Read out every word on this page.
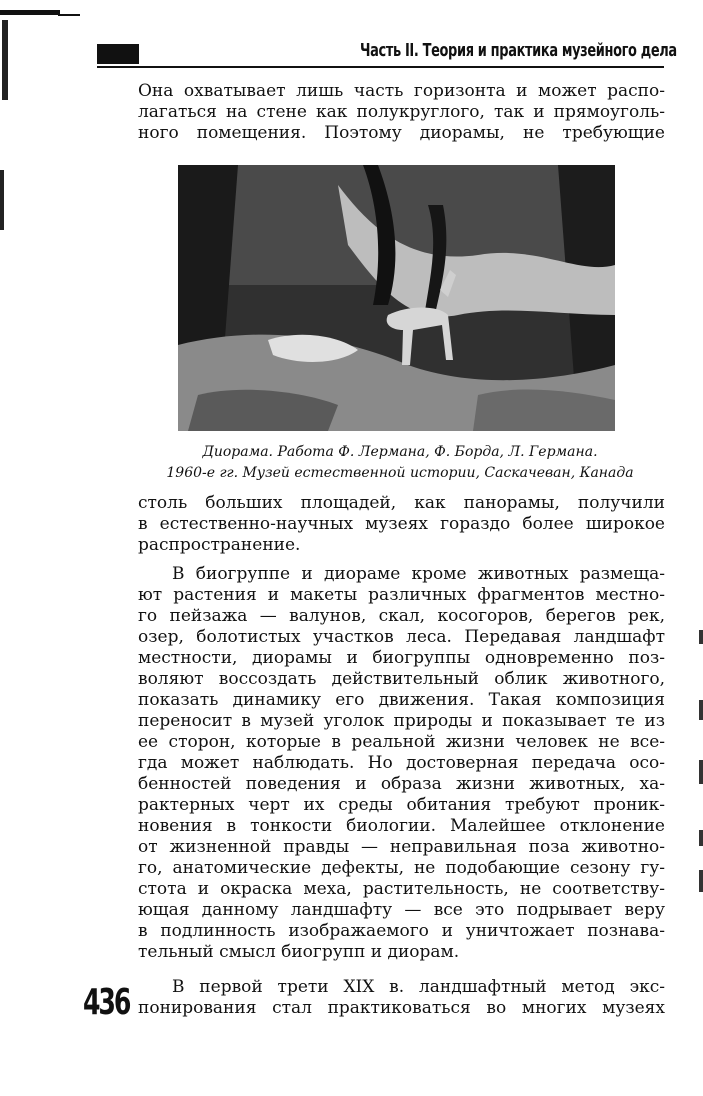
Часть II. Теория и практика музейного дела
Она охватывает лишь часть горизонта и может распо-
лагаться на стене как полукруглого, так и прямоуголь-
ного помещения. Поэтому диорамы, не требующие
Диорама. Работа Ф. Лермана, Ф. Борда, Л. Германа.
1960-е гг. Музей естественной истории, Саскачеван, Канада
столь больших площадей, как панорамы, получили
в естественно-научных музеях гораздо более широкое
распространение.
В биогруппе и диораме кроме животных размеща-
ют растения и макеты различных фрагментов местно-
го пейзажа — валунов, скал, косогоров, берегов рек,
озер, болотистых участков леса. Передавая ландшафт
местности, диорамы и биогруппы одновременно поз-
воляют воссоздать действительный облик животного,
показать динамику его движения. Такая композиция
переносит в музей уголок природы и показывает те из
ее сторон, которые в реальной жизни человек не все-
гда может наблюдать. Но достоверная передача осо-
бенностей поведения и образа жизни животных, ха-
рактерных черт их среды обитания требуют проник-
новения в тонкости биологии. Малейшее отклонение
от жизненной правды — неправильная поза животно-
го, анатомические дефекты, не подобающие сезону гу-
стота и окраска меха, растительность, не соответству-
ющая данному ландшафту — все это подрывает веру
в подлинность изображаемого и уничтожает познава-
тельный смысл биогрупп и диорам.
В первой трети XIX в. ландшафтный метод экс-
понирования стал практиковаться во многих музеях
436
